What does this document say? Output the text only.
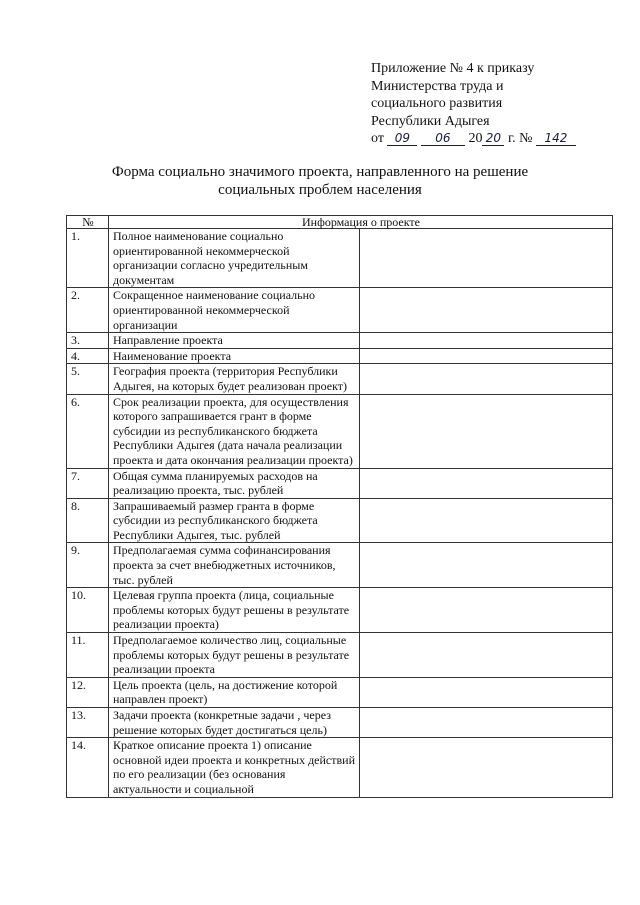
Приложение № 4 к приказу
Министерства труда и
социального развития
Республики Адыгея
от 09 06 20 20 г. № 142
Форма социально значимого проекта, направленного на решение
социальных проблем населения
№	Информация о проекте	
1.	Полное наименование социально ориентированной некоммерческой организации согласно учредительным документам	
2.	Сокращенное наименование социально ориентированной некоммерческой организации	
3.	Направление проекта	
4.	Наименование проекта	
5.	География проекта (территория Республики Адыгея, на которых будет реализован проект)	
6.	Срок реализации проекта, для осуществления которого запрашивается грант в форме субсидии из республиканского бюджета Республики Адыгея (дата начала реализации проекта и дата окончания реализации проекта)	
7.	Общая сумма планируемых расходов на реализацию проекта, тыс. рублей	
8.	Запрашиваемый размер гранта в форме субсидии из республиканского бюджета Республики Адыгея, тыс. рублей	
9.	Предполагаемая сумма софинансирования проекта за счет внебюджетных источников, тыс. рублей	
10.	Целевая группа проекта (лица, социальные проблемы которых будут решены в результате реализации проекта)	
11.	Предполагаемое количество лиц, социальные проблемы которых будут решены в результате реализации проекта	
12.	Цель проекта (цель, на достижение которой направлен проект)	
13.	Задачи проекта (конкретные задачи , через решение которых будет достигаться цель)	
14.	Краткое описание проекта 1) описание основной идеи проекта и конкретных действий по его реализации (без основания актуальности и социальной	
